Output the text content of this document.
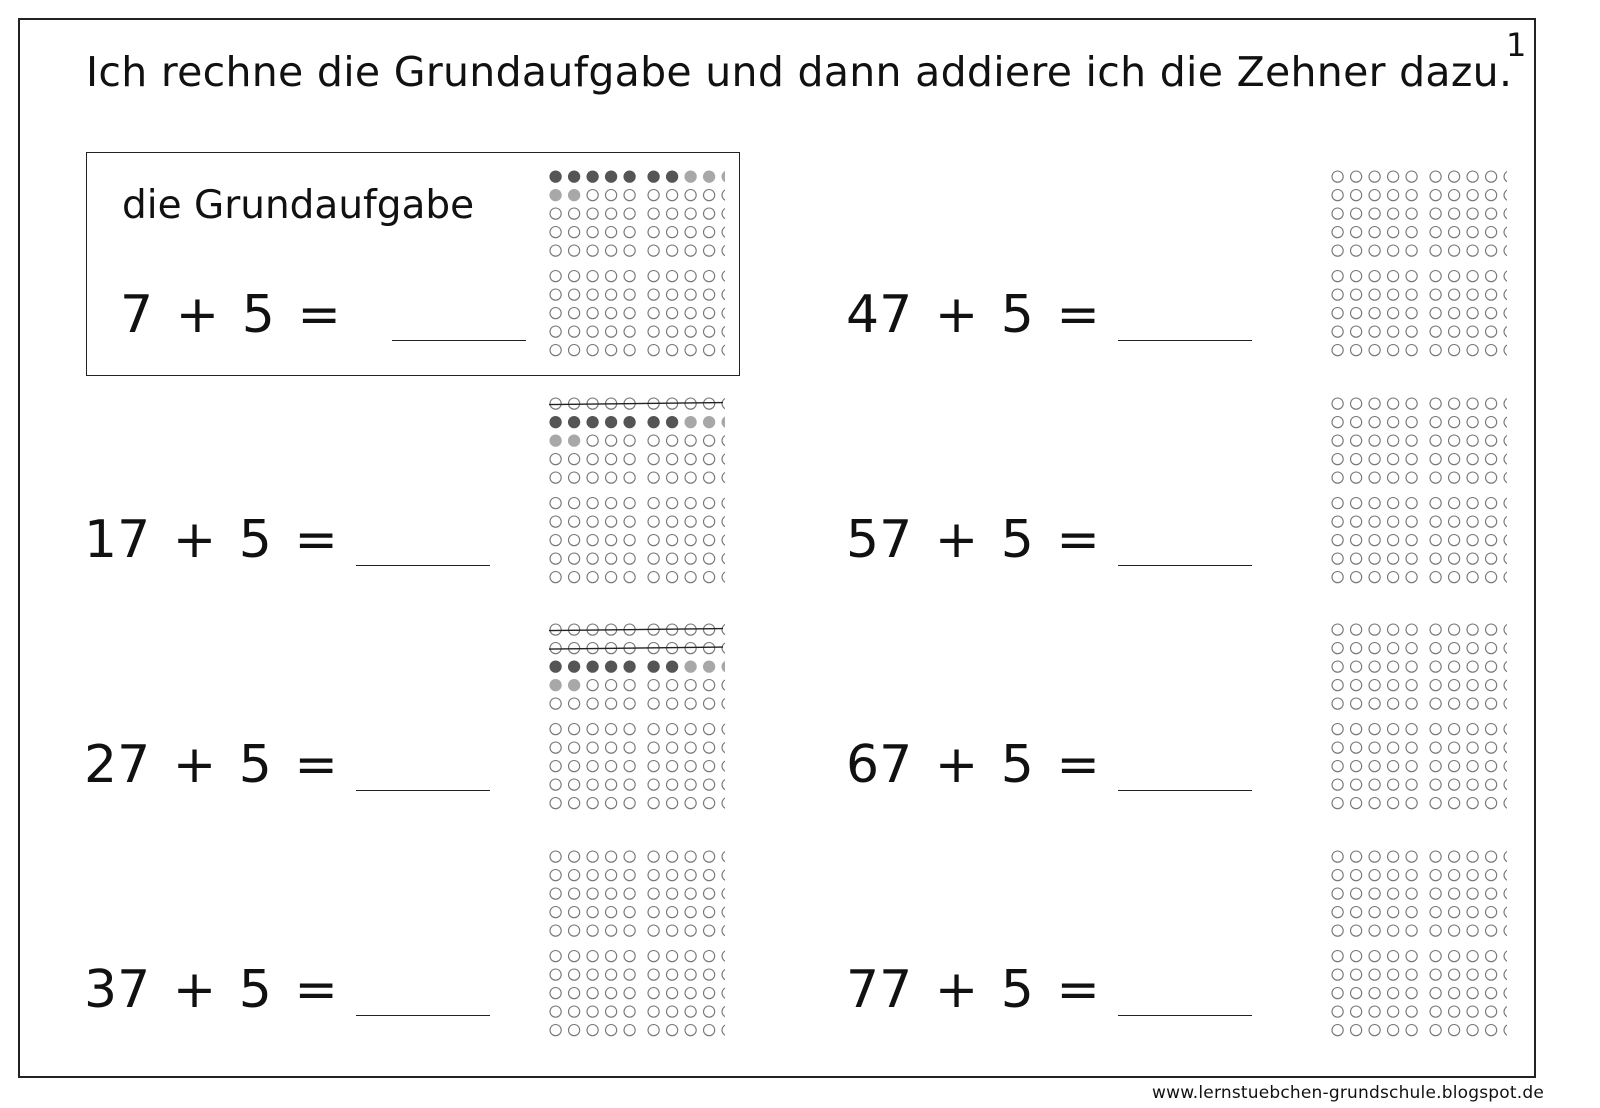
Ich rechne die Grundaufgabe und dann addiere ich die Zehner dazu.
1
die Grundaufgabe
7 + 5 =
17 + 5 =
27 + 5 =
37 + 5 =
47 + 5 =
57 + 5 =
67 + 5 =
77 + 5 =
www.lernstuebchen-grundschule.blogspot.de
